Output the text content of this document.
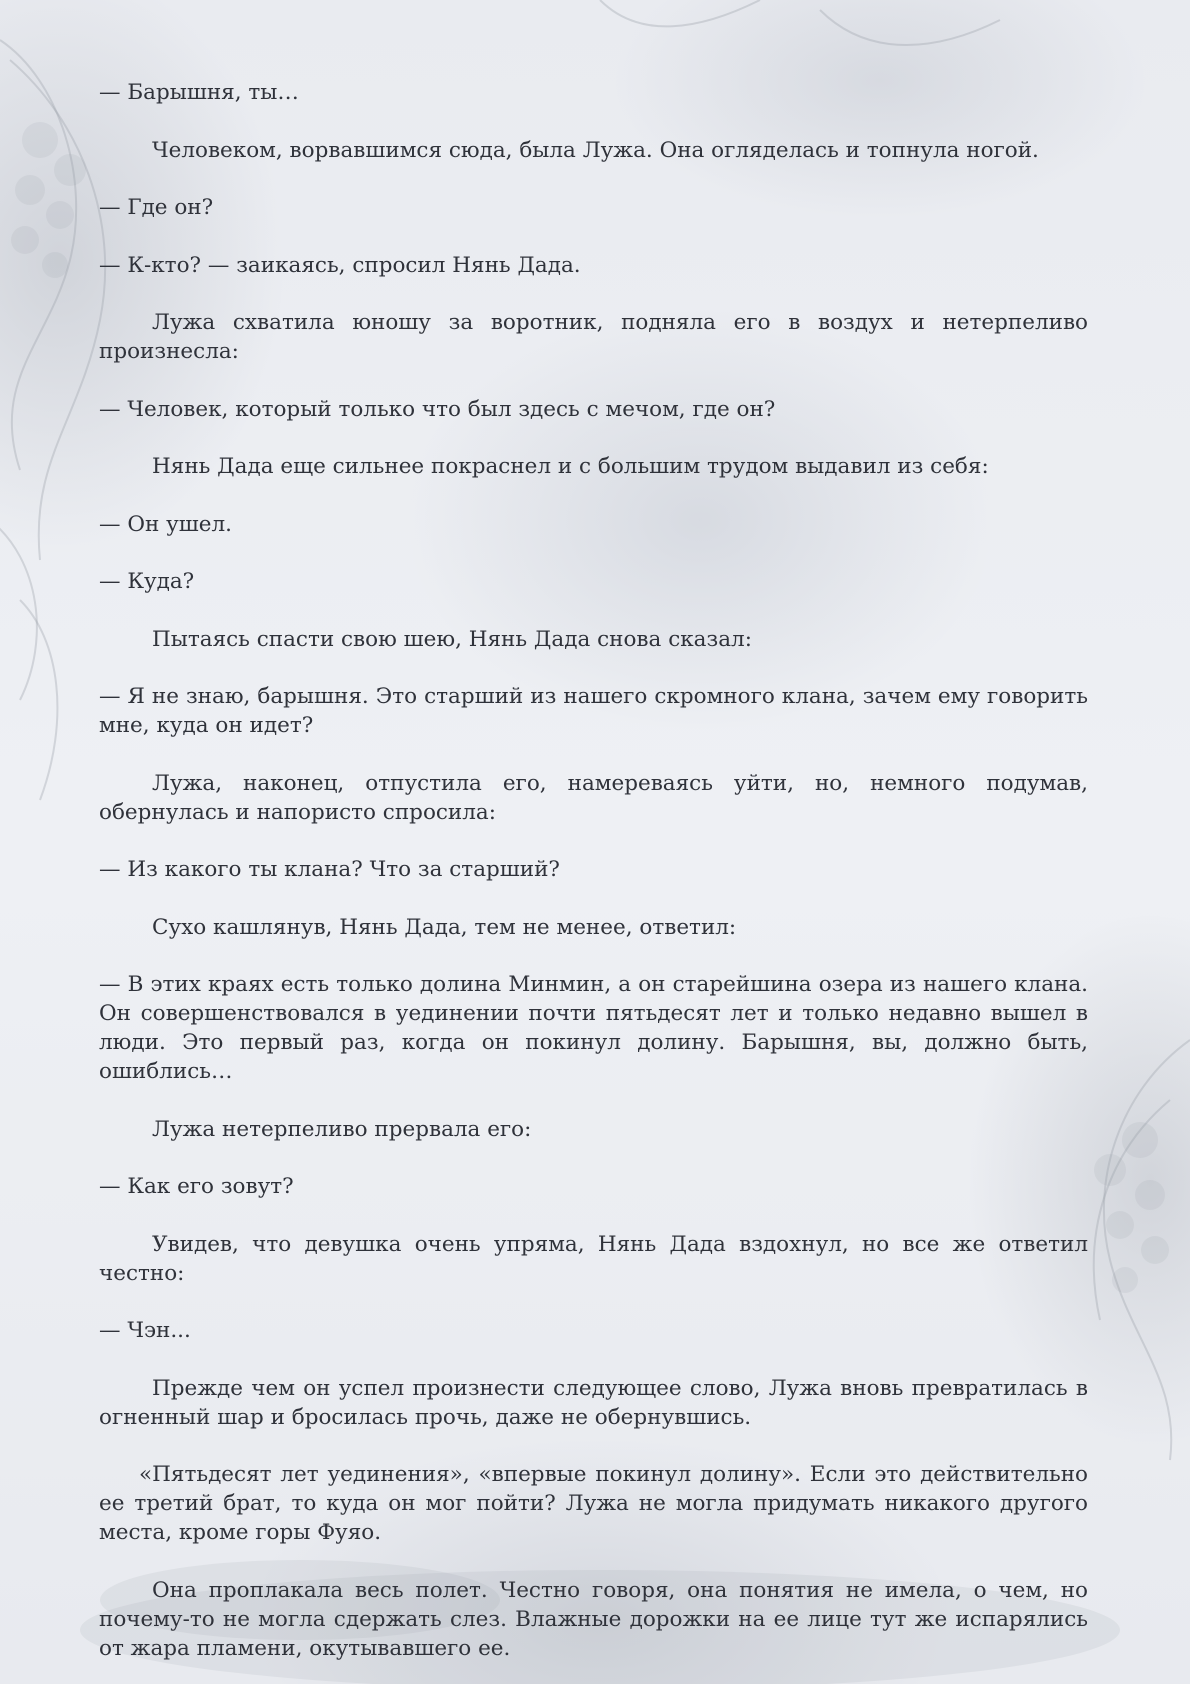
— Барышня, ты…

Человеком, ворвавшимся сюда, была Лужа. Она огляделась и топнула ногой.

— Где он?

— К-кто? — заикаясь, спросил Нянь Дада.

Лужа схватила юношу за воротник, подняла его в воздух и нетерпеливо произнесла:

— Человек, который только что был здесь с мечом, где он?

Нянь Дада еще сильнее покраснел и с большим трудом выдавил из себя:

— Он ушел.

— Куда?

Пытаясь спасти свою шею, Нянь Дада снова сказал:

— Я не знаю, барышня. Это старший из нашего скромного клана, зачем ему говорить мне, куда он идет?

Лужа, наконец, отпустила его, намереваясь уйти, но, немного подумав, обернулась и напористо спросила:

— Из какого ты клана? Что за старший?

Сухо кашлянув, Нянь Дада, тем не менее, ответил:

— В этих краях есть только долина Минмин, а он старейшина озера из нашего клана. Он совершенствовался в уединении почти пятьдесят лет и только недавно вышел в люди. Это первый раз, когда он покинул долину. Барышня, вы, должно быть, ошиблись…

Лужа нетерпеливо прервала его:

— Как его зовут?

Увидев, что девушка очень упряма, Нянь Дада вздохнул, но все же ответил честно:

— Чэн...

Прежде чем он успел произнести следующее слово, Лужа вновь превратилась в огненный шар и бросилась прочь, даже не обернувшись.

«Пятьдесят лет уединения», «впервые покинул долину». Если это действительно ее третий брат, то куда он мог пойти? Лужа не могла придумать никакого другого места, кроме горы Фуяо.

Она проплакала весь полет. Честно говоря, она понятия не имела, о чем, но почему-то не могла сдержать слез. Влажные дорожки на ее лице тут же испарялись от жара пламени, окутывавшего ее.
